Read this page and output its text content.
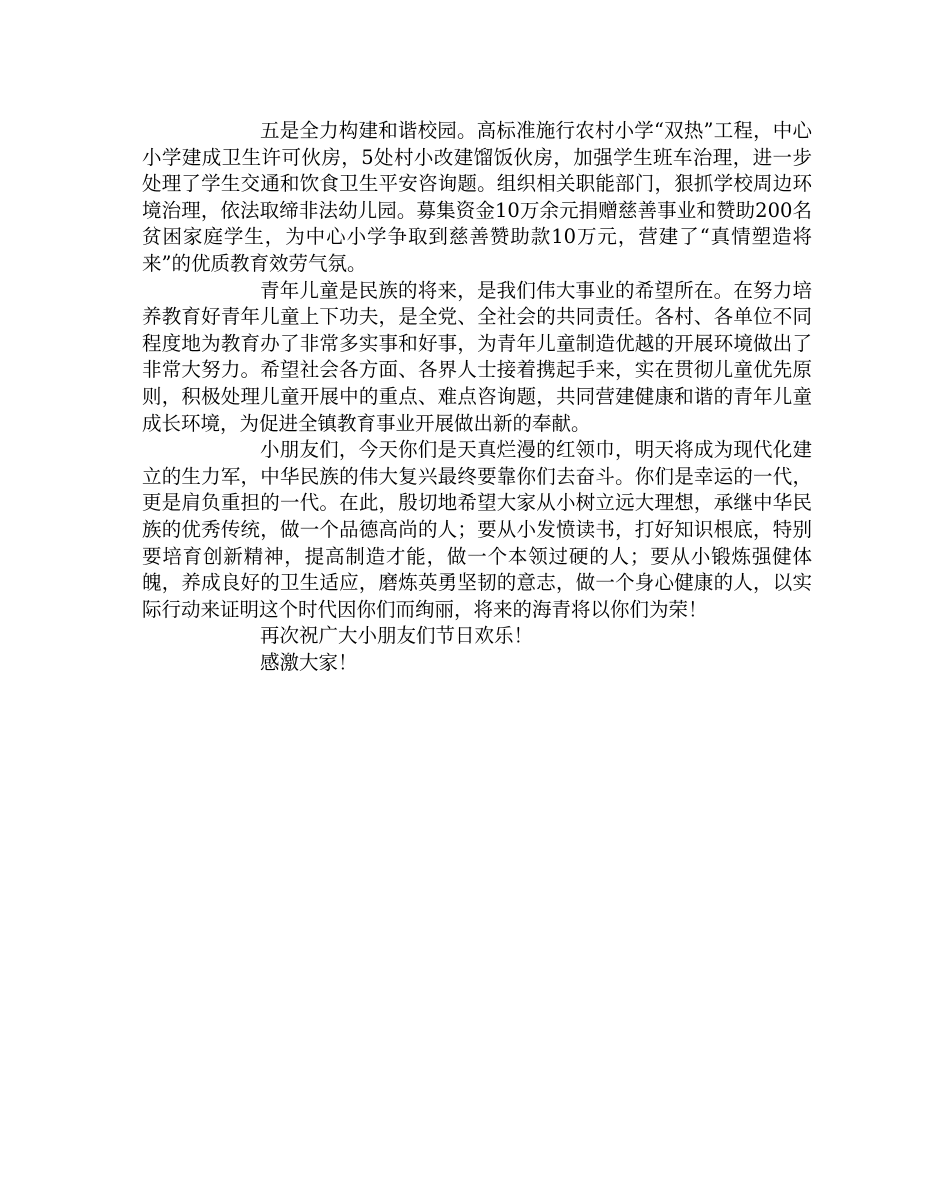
五是全力构建和谐校园。高标准施行农村小学“双热”工程，中心小学建成卫生许可伙房，5处村小改建馏饭伙房，加强学生班车治理，进一步处理了学生交通和饮食卫生平安咨询题。组织相关职能部门，狠抓学校周边环境治理，依法取缔非法幼儿园。募集资金10万余元捐赠慈善事业和赞助200名贫困家庭学生，为中心小学争取到慈善赞助款10万元，营建了“真情塑造将来”的优质教育效劳气氛。

青年儿童是民族的将来，是我们伟大事业的希望所在。在努力培养教育好青年儿童上下功夫，是全党、全社会的共同责任。各村、各单位不同程度地为教育办了非常多实事和好事，为青年儿童制造优越的开展环境做出了非常大努力。希望社会各方面、各界人士接着携起手来，实在贯彻儿童优先原则，积极处理儿童开展中的重点、难点咨询题，共同营建健康和谐的青年儿童成长环境，为促进全镇教育事业开展做出新的奉献。

小朋友们，今天你们是天真烂漫的红领巾，明天将成为现代化建立的生力军，中华民族的伟大复兴最终要靠你们去奋斗。你们是幸运的一代，更是肩负重担的一代。在此，殷切地希望大家从小树立远大理想，承继中华民族的优秀传统，做一个品德高尚的人；要从小发愤读书，打好知识根底，特别要培育创新精神，提高制造才能，做一个本领过硬的人；要从小锻炼强健体魄，养成良好的卫生适应，磨炼英勇坚韧的意志，做一个身心健康的人，以实际行动来证明这个时代因你们而绚丽，将来的海青将以你们为荣！

再次祝广大小朋友们节日欢乐！

感激大家！
